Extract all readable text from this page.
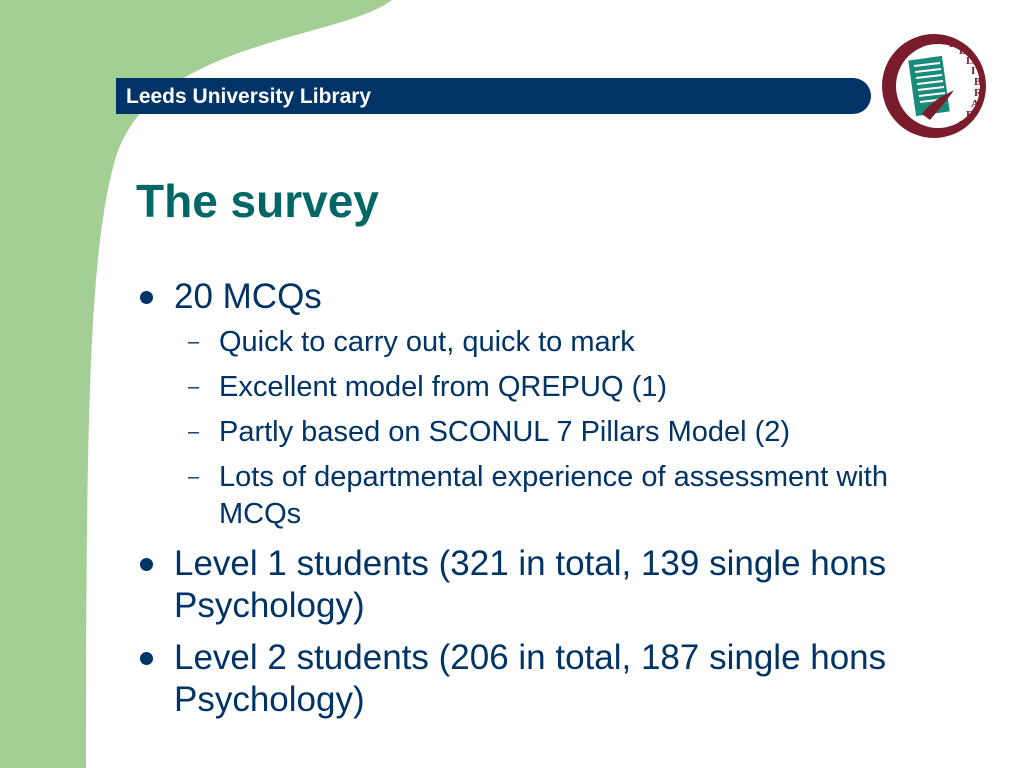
Leeds University Library
T H
E
L
I
B
R
A
R
Y
The survey
20 MCQs
– Quick to carry out, quick to mark
– Excellent model from QREPUQ (1)
– Partly based on SCONUL 7 Pillars Model (2)
– Lots of departmental experience of assessment with MCQs
Level 1 students (321 in total, 139 single hons Psychology)
Level 2 students (206 in total, 187 single hons Psychology)
